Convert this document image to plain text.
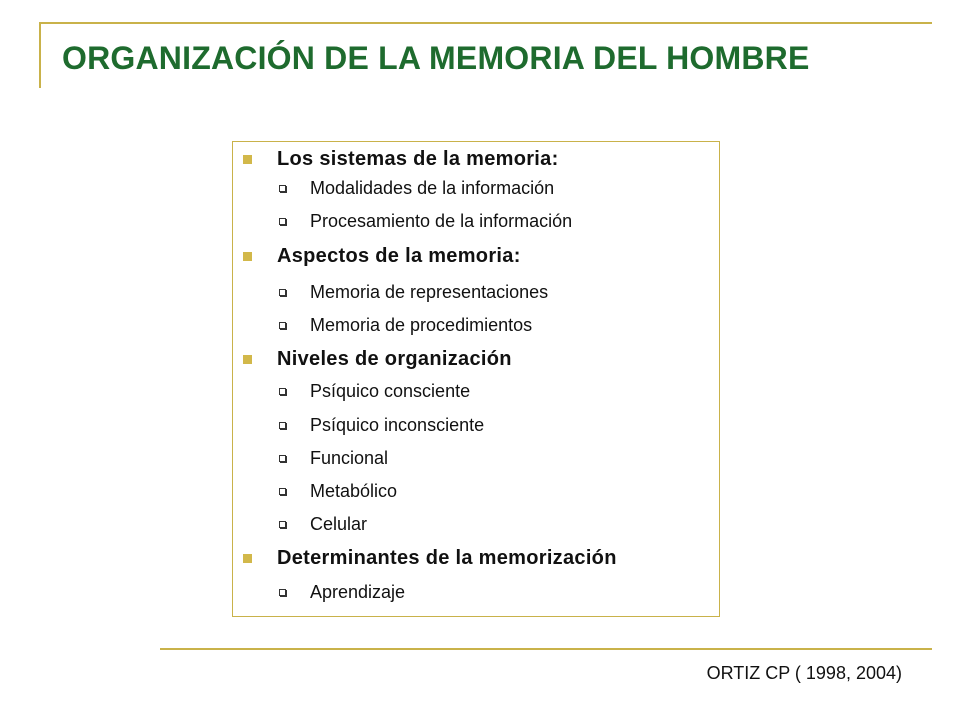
ORGANIZACIÓN DE LA MEMORIA DEL HOMBRE
Los sistemas de la memoria:
Modalidades de la información
Procesamiento de la información
Aspectos de la memoria:
Memoria de representaciones
Memoria de procedimientos
Niveles de organización
Psíquico consciente
Psíquico inconsciente
Funcional
Metabólico
Celular
Determinantes de la memorización
Aprendizaje
ORTIZ CP ( 1998, 2004)
